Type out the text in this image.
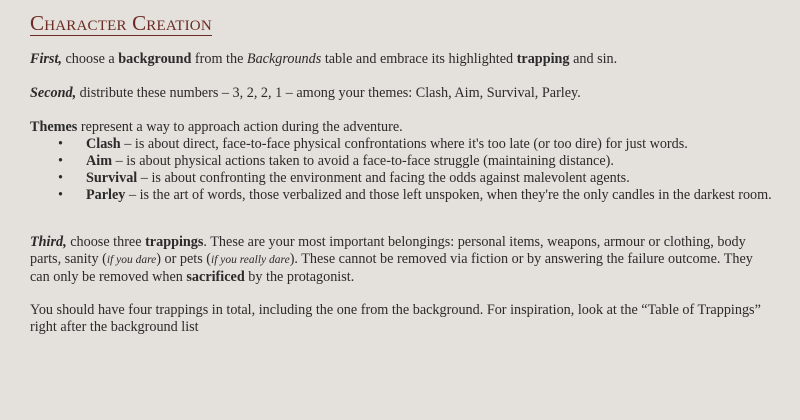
Character Creation

First, choose a background from the Backgrounds table and embrace its highlighted trapping and sin.

Second, distribute these numbers – 3, 2, 2, 1 – among your themes: Clash, Aim, Survival, Parley.

Themes represent a way to approach action during the adventure.

• Clash – is about direct, face-to-face physical confrontations where it's too late (or too dire) for just words.
• Aim – is about physical actions taken to avoid a face-to-face struggle (maintaining distance).
• Survival – is about confronting the environment and facing the odds against malevolent agents.
• Parley – is the art of words, those verbalized and those left unspoken, when they're the only candles in the darkest room.

Third, choose three trappings. These are your most important belongings: personal items, weapons, armour or clothing, body parts, sanity (if you dare) or pets (if you really dare). These cannot be removed via fiction or by answering the failure outcome. They can only be removed when sacrificed by the protagonist.

You should have four trappings in total, including the one from the background. For inspiration, look at the “Table of Trappings” right after the background list
